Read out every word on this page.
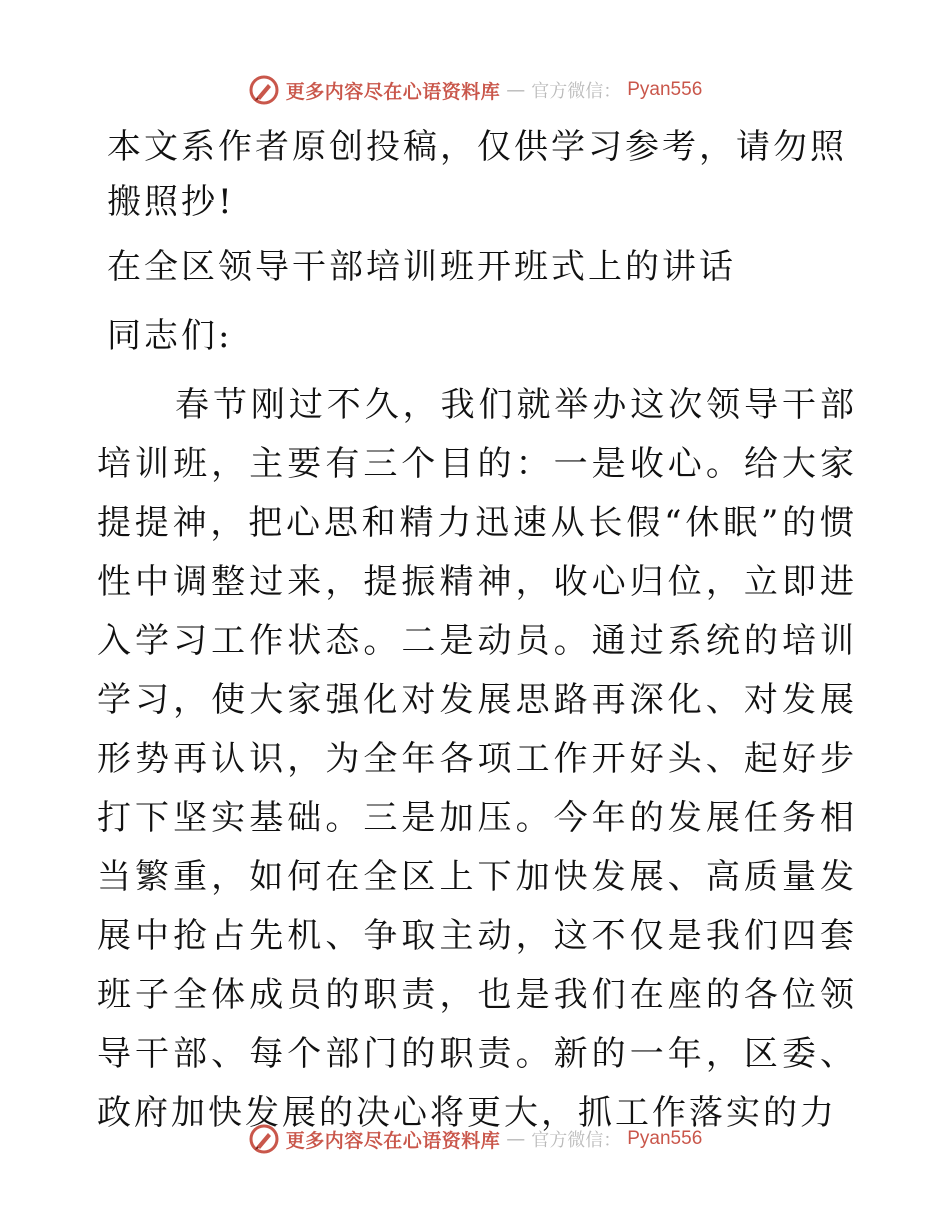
更多内容尽在心语资料库 — 官方微信： Pyan556

本文系作者原创投稿，仅供学习参考，请勿照搬照抄!

在全区领导干部培训班开班式上的讲话

同志们:

春节刚过不久，我们就举办这次领导干部培训班，主要有三个目的：一是收心。给大家提提神，把心思和精力迅速从长假“休眠”的惯性中调整过来，提振精神，收心归位，立即进入学习工作状态。二是动员。通过系统的培训学习，使大家强化对发展思路再深化、对发展形势再认识，为全年各项工作开好头、起好步打下坚实基础。三是加压。今年的发展任务相当繁重，如何在全区上下加快发展、高质量发展中抢占先机、争取主动，这不仅是我们四套班子全体成员的职责，也是我们在座的各位领导干部、每个部门的职责。新的一年，区委、政府加快发展的决心将更大，抓工作落实的力

更多内容尽在心语资料库 — 官方微信： Pyan556
